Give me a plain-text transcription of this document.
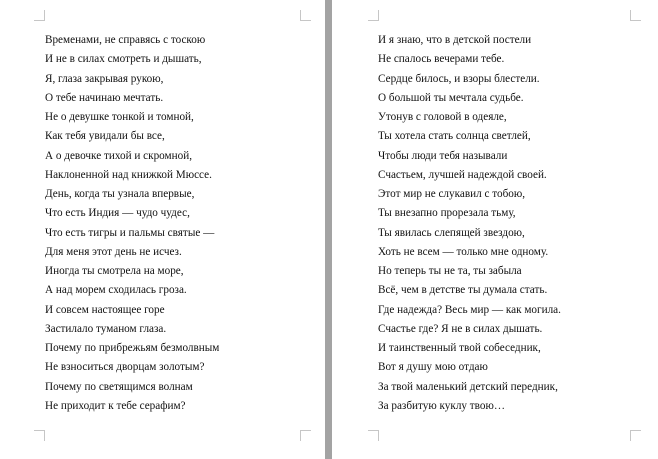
Временами, не справясь с тоскою
И не в силах смотреть и дышать,
Я, глаза закрывая рукою,
О тебе начинаю мечтать.
Не о девушке тонкой и томной,
Как тебя увидали бы все,
А о девочке тихой и скромной,
Наклоненной над книжкой Мюссе.
День, когда ты узнала впервые,
Что есть Индия — чудо чудес,
Что есть тигры и пальмы святые —
Для меня этот день не исчез.
Иногда ты смотрела на море,
А над морем сходилась гроза.
И совсем настоящее горе
Застилало туманом глаза.
Почему по прибрежьям безмолвным
Не взноситься дворцам золотым?
Почему по светящимся волнам
Не приходит к тебе серафим?
И я знаю, что в детской постели
Не спалось вечерами тебе.
Сердце билось, и взоры блестели.
О большой ты мечтала судьбе.
Утонув с головой в одеяле,
Ты хотела стать солнца светлей,
Чтобы люди тебя называли
Счастьем, лучшей надеждой своей.
Этот мир не слукавил с тобою,
Ты внезапно прорезала тьму,
Ты явилась слепящей звездою,
Хоть не всем — только мне одному.
Но теперь ты не та, ты забыла
Всё, чем в детстве ты думала стать.
Где надежда? Весь мир — как могила.
Счастье где? Я не в силах дышать.
И таинственный твой собеседник,
Вот я душу мою отдаю
За твой маленький детский передник,
За разбитую куклу твою…
